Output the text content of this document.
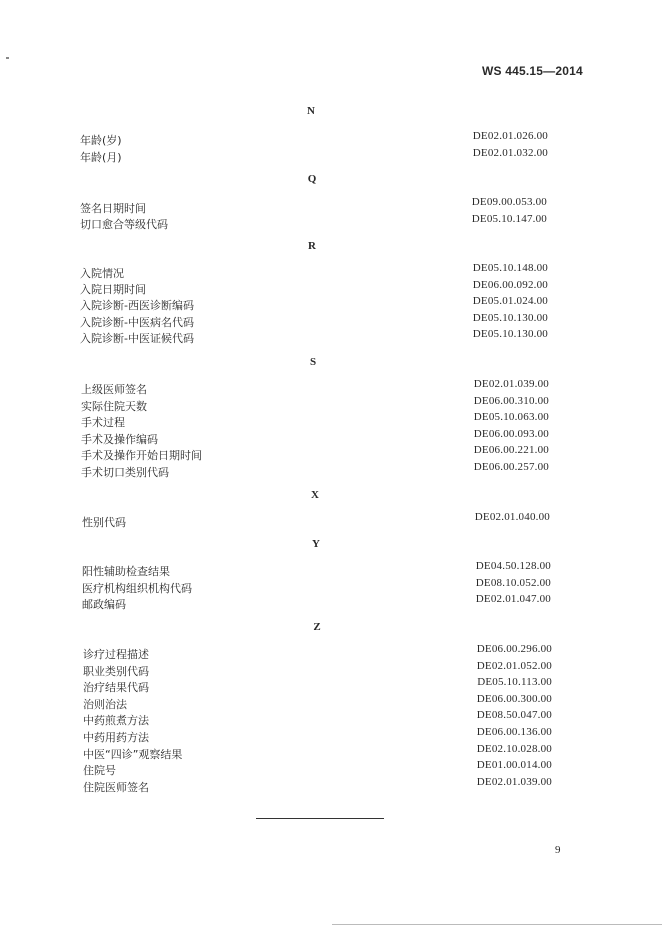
WS 445.15—2014
N
年龄(岁)	DE02.01.026.00
年龄(月)	DE02.01.032.00
Q
签名日期时间	DE09.00.053.00
切口愈合等级代码	DE05.10.147.00
R
入院情况	DE05.10.148.00
入院日期时间	DE06.00.092.00
入院诊断-西医诊断编码	DE05.01.024.00
入院诊断-中医病名代码	DE05.10.130.00
入院诊断-中医证候代码	DE05.10.130.00
S
上级医师签名	DE02.01.039.00
实际住院天数	DE06.00.310.00
手术过程	DE05.10.063.00
手术及操作编码	DE06.00.093.00
手术及操作开始日期时间	DE06.00.221.00
手术切口类别代码	DE06.00.257.00
X
性别代码	DE02.01.040.00
Y
阳性辅助检查结果	DE04.50.128.00
医疗机构组织机构代码	DE08.10.052.00
邮政编码	DE02.01.047.00
Z
诊疗过程描述	DE06.00.296.00
职业类别代码	DE02.01.052.00
治疗结果代码	DE05.10.113.00
治则治法	DE06.00.300.00
中药煎煮方法	DE08.50.047.00
中药用药方法	DE06.00.136.00
中医“四诊”观察结果	DE02.10.028.00
住院号	DE01.00.014.00
住院医师签名	DE02.01.039.00
9
